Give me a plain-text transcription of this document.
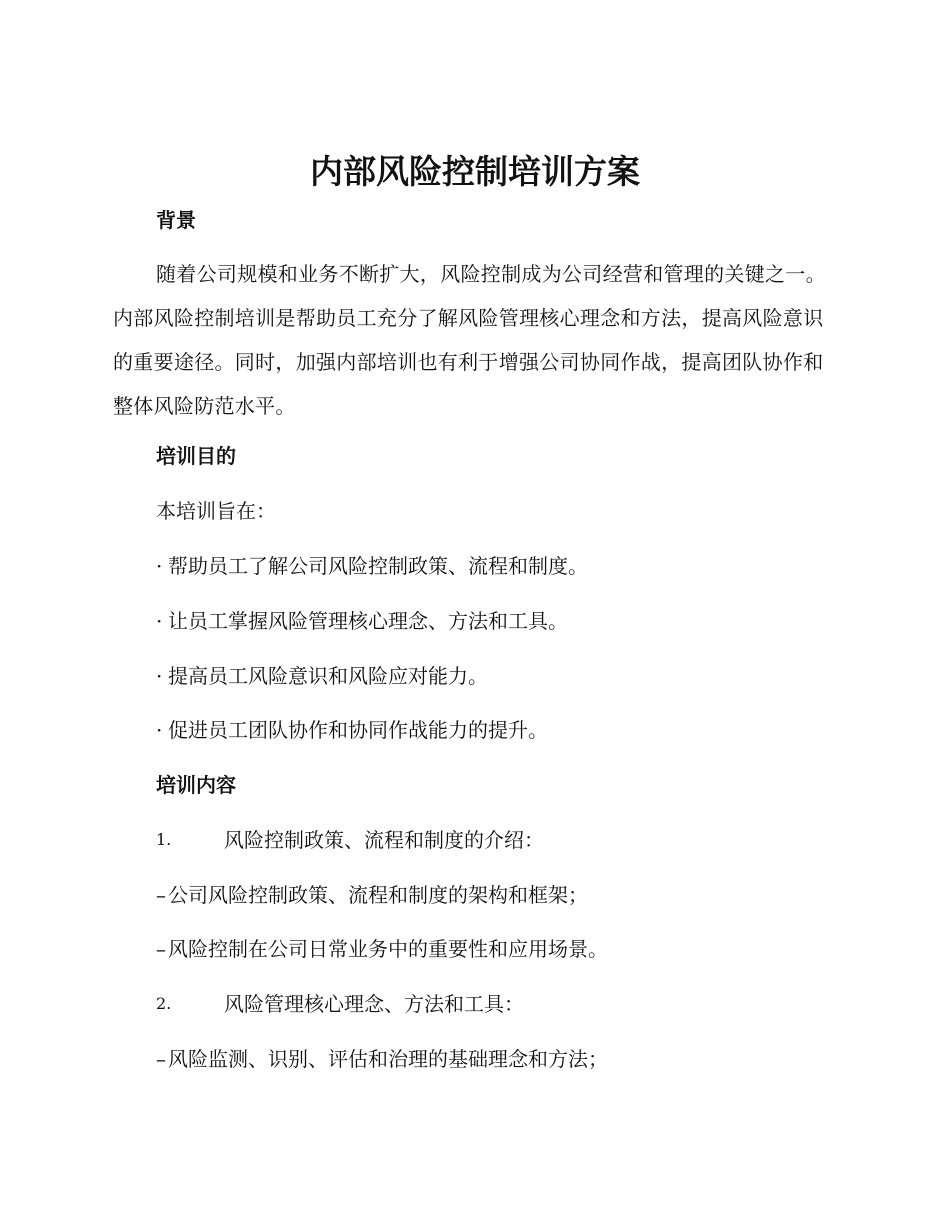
内部风险控制培训方案
背景
随着公司规模和业务不断扩大，风险控制成为公司经营和管理的关键之一。内部风险控制培训是帮助员工充分了解风险管理核心理念和方法，提高风险意识的重要途径。同时，加强内部培训也有利于增强公司协同作战，提高团队协作和整体风险防范水平。
培训目的
本培训旨在：
· 帮助员工了解公司风险控制政策、流程和制度。
· 让员工掌握风险管理核心理念、方法和工具。
· 提高员工风险意识和风险应对能力。
· 促进员工团队协作和协同作战能力的提升。
培训内容
1.	风险控制政策、流程和制度的介绍：
– 公司风险控制政策、流程和制度的架构和框架；
– 风险控制在公司日常业务中的重要性和应用场景。
2.	风险管理核心理念、方法和工具：
– 风险监测、识别、评估和治理的基础理念和方法；
